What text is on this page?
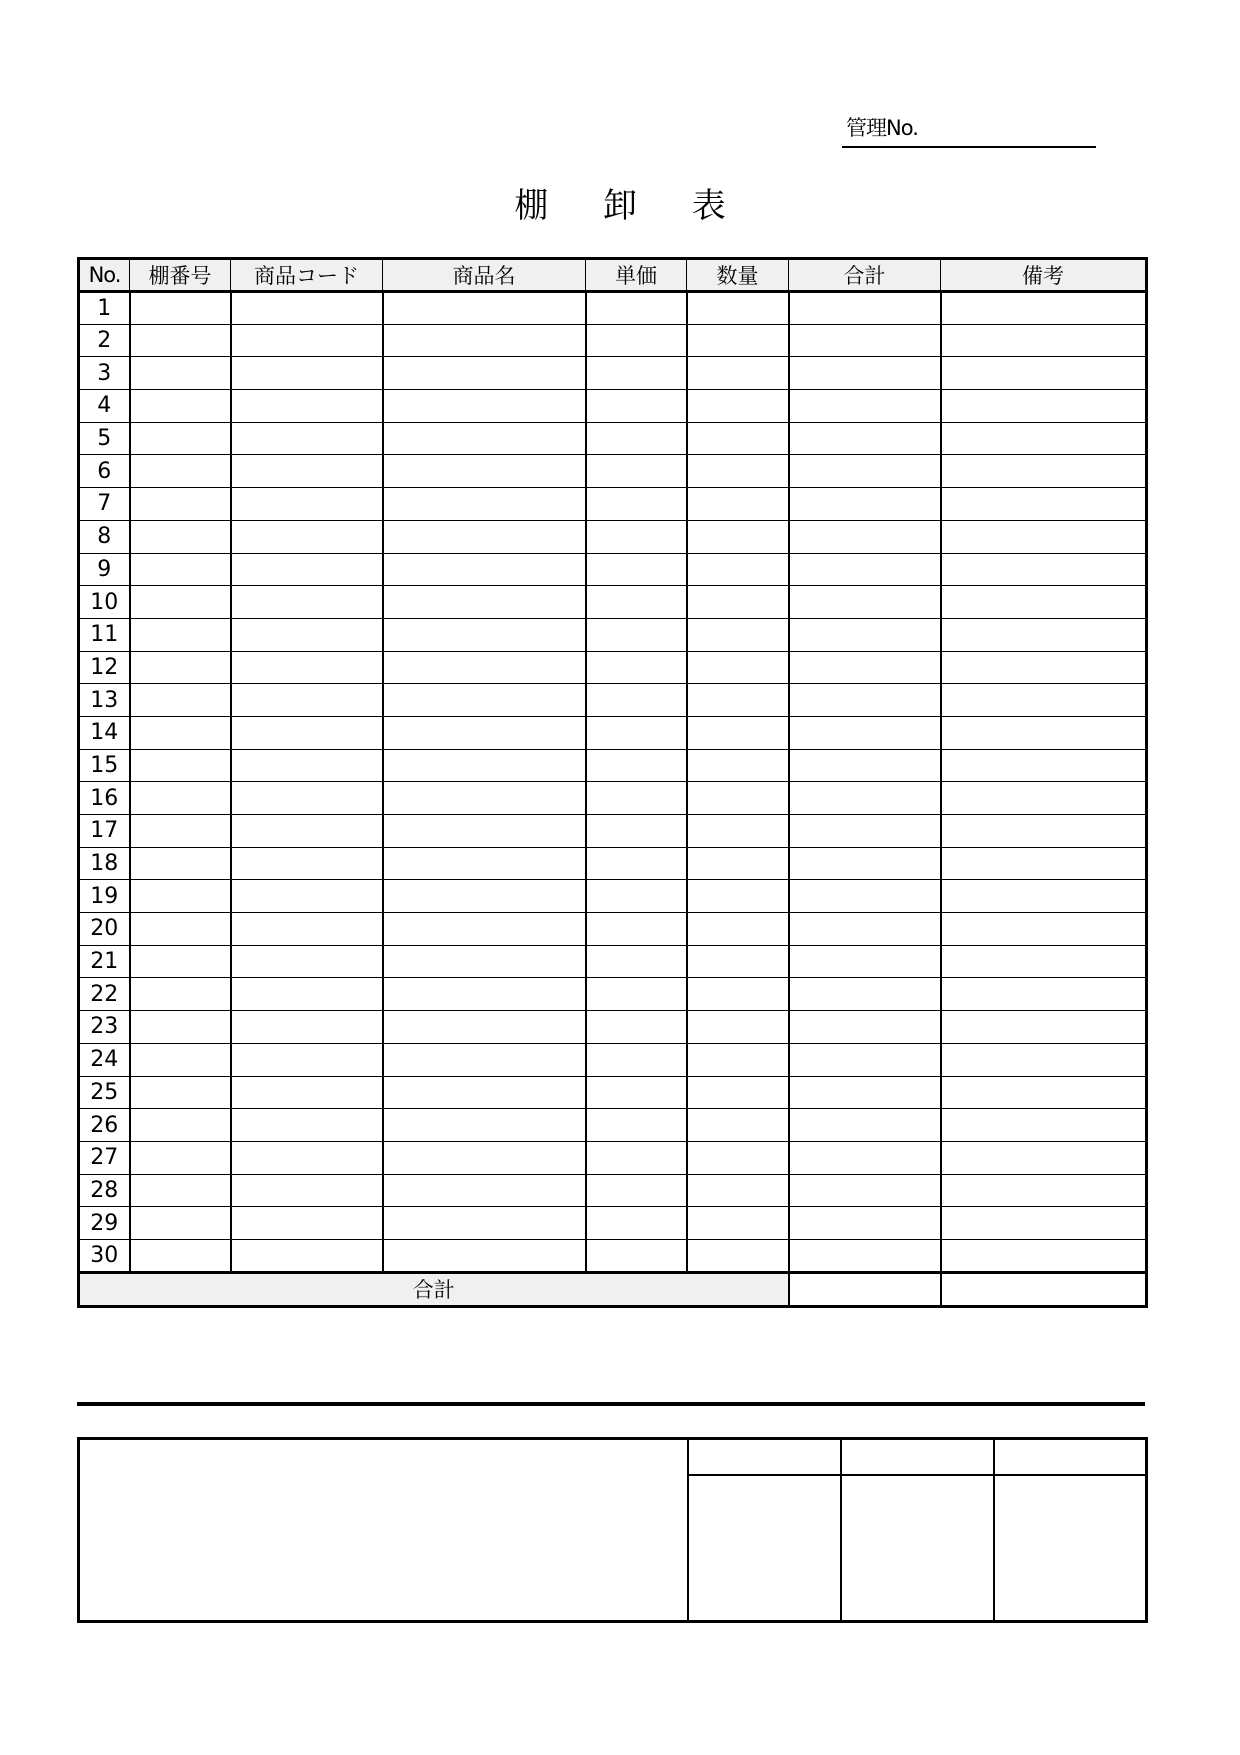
管理No.
棚 卸 表
No.	棚番号	商品コード	商品名	単価	数量	合計	備考
1							
2							
3							
4							
5							
6							
7							
8							
9							
10							
11							
12							
13							
14							
15							
16							
17							
18							
19							
20							
21							
22							
23							
24							
25							
26							
27							
28							
29							
30							
合計							
